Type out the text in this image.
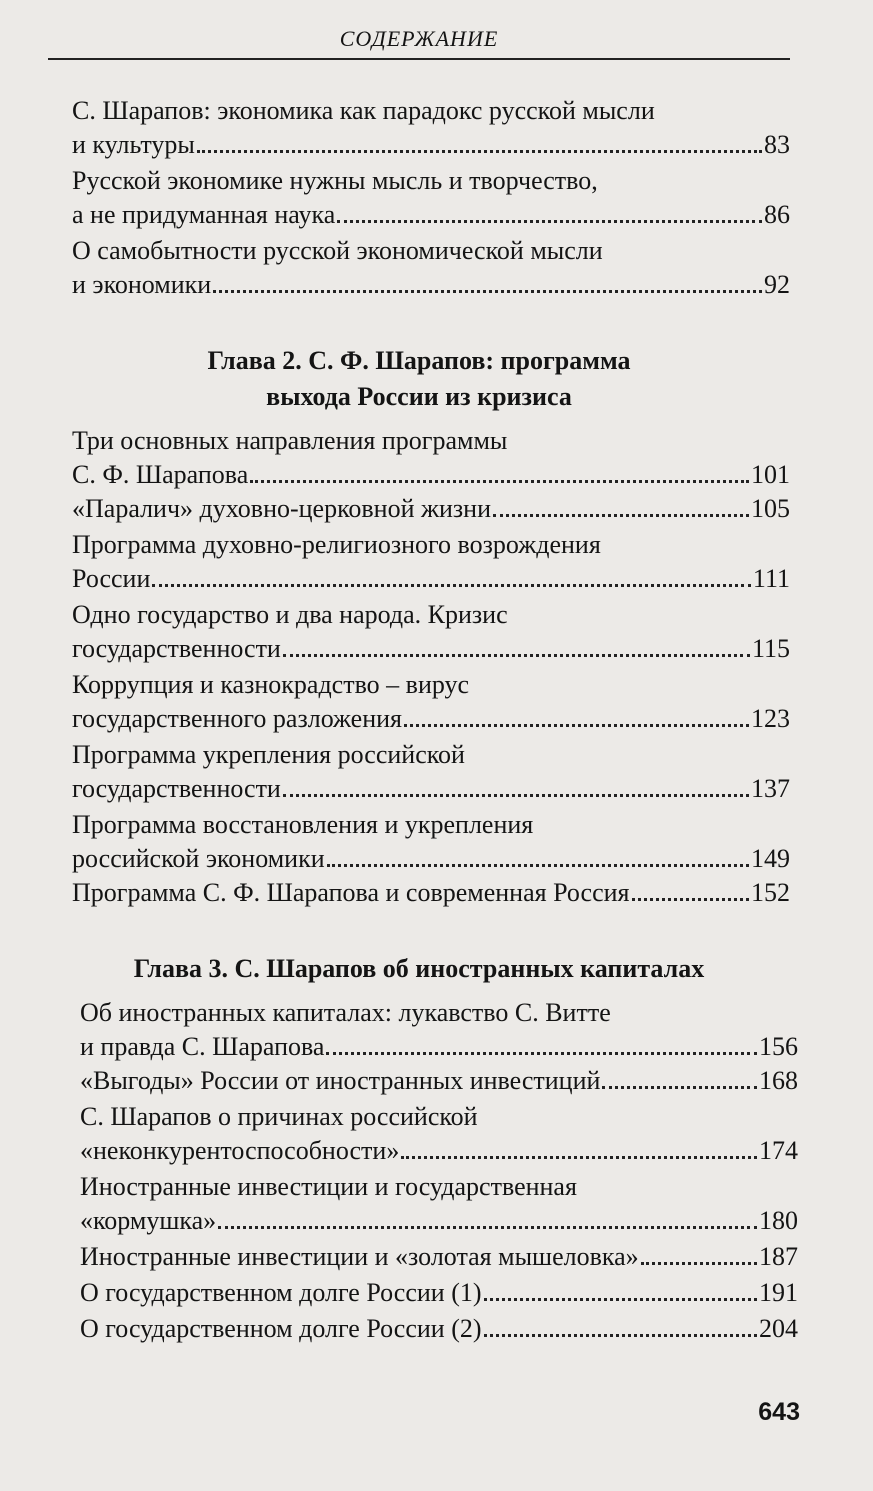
СОДЕРЖАНИЕ
С. Шарапов: экономика как парадокс русской мысли
и культуры	83
Русской экономике нужны мысль и творчество,
а не придуманная наука	86
О самобытности русской экономической мысли
и экономики	92
Глава 2. С. Ф. Шарапов: программа
выхода России из кризиса
Три основных направления программы
С. Ф. Шарапова	101
«Паралич» духовно-церковной жизни	105
Программа духовно-религиозного возрождения
России	111
Одно государство и два народа. Кризис
государственности	115
Коррупция и казнокрадство – вирус
государственного разложения	123
Программа укрепления российской
государственности	137
Программа восстановления и укрепления
российской экономики	149
Программа С. Ф. Шарапова и современная Россия	152
Глава 3. С. Шарапов об иностранных капиталах
Об иностранных капиталах: лукавство С. Витте
и правда С. Шарапова	156
«Выгоды» России от иностранных инвестиций	168
С. Шарапов о причинах российской
«неконкурентоспособности»	174
Иностранные инвестиции и государственная
«кормушка»	180
Иностранные инвестиции и «золотая мышеловка»	187
О государственном долге России (1)	191
О государственном долге России (2)	204
643
